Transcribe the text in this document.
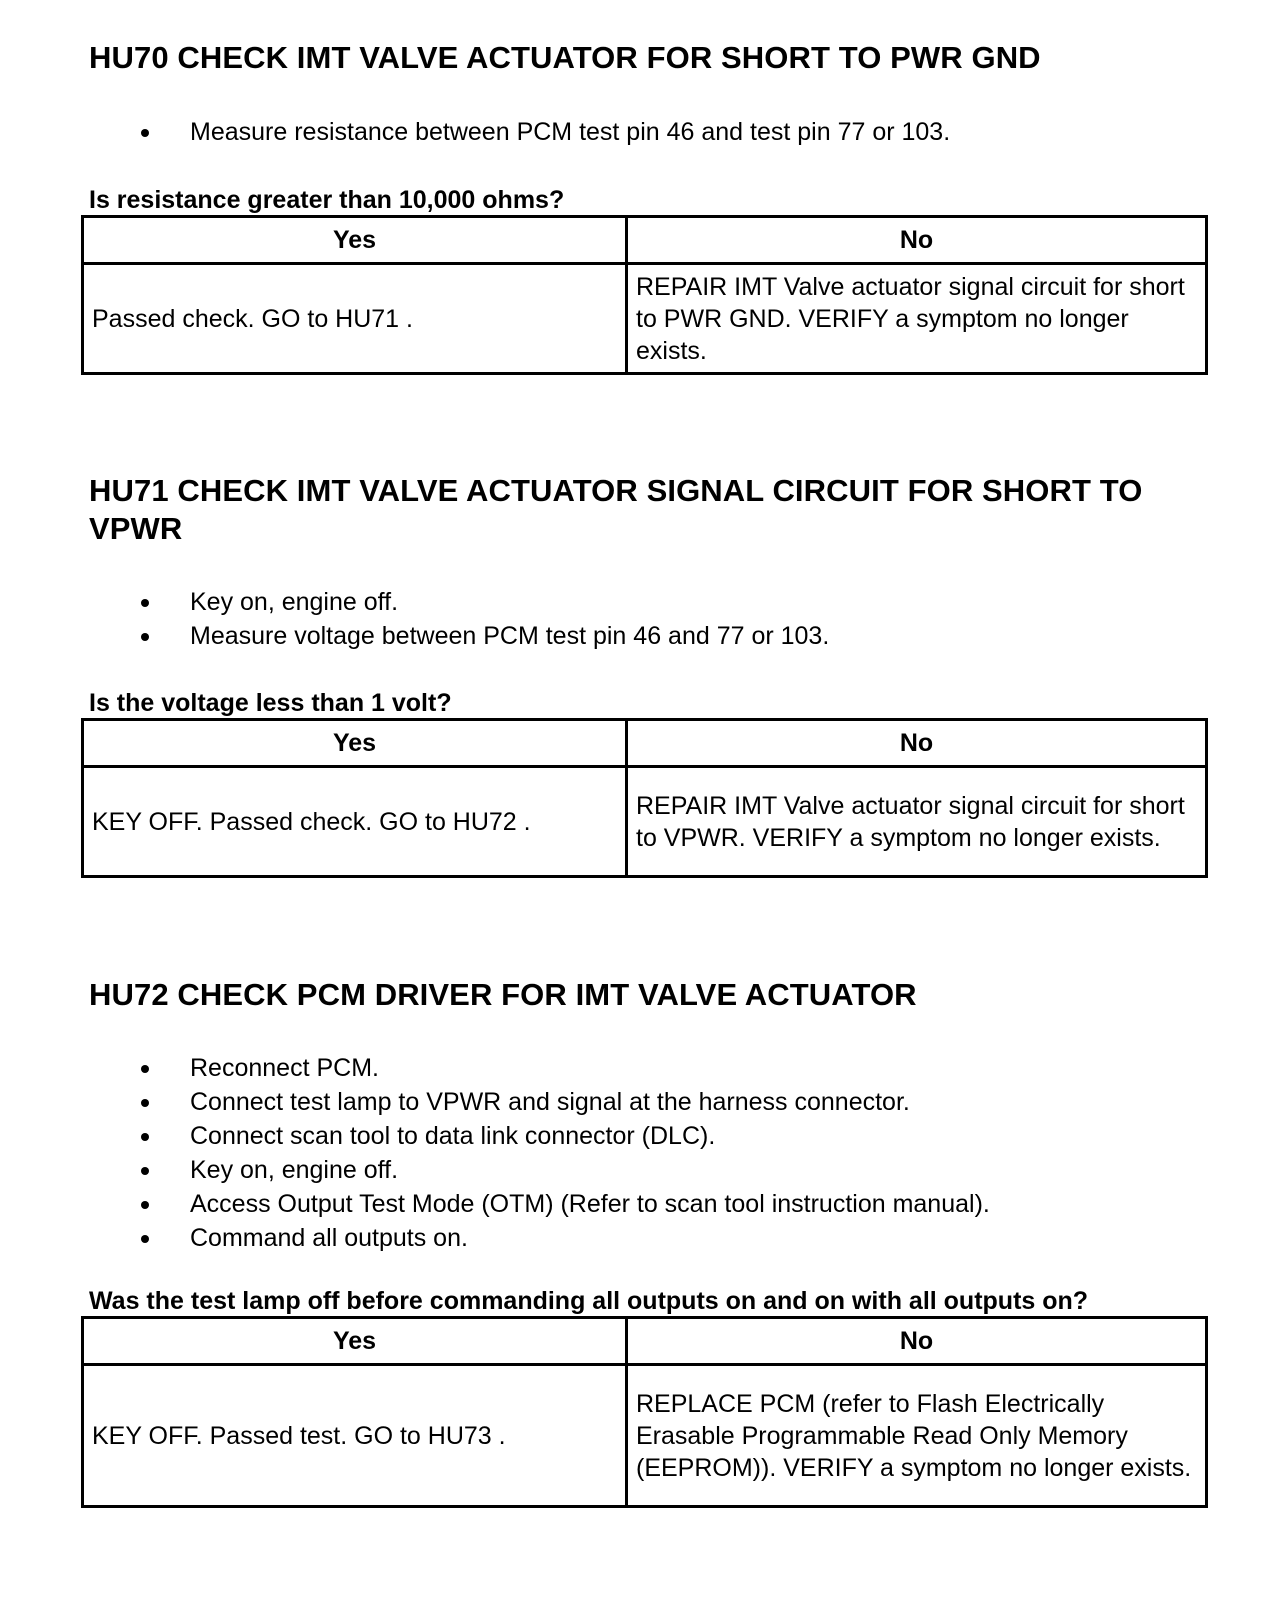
HU70 CHECK IMT VALVE ACTUATOR FOR SHORT TO PWR GND
Measure resistance between PCM test pin 46 and test pin 77 or 103.

Is resistance greater than 10,000 ohms?

Yes	No
Passed check. GO to HU71 .	REPAIR IMT Valve actuator signal circuit for short to PWR GND. VERIFY a symptom no longer exists.
HU71 CHECK IMT VALVE ACTUATOR SIGNAL CIRCUIT FOR SHORT TO VPWR
Key on, engine off.
Measure voltage between PCM test pin 46 and 77 or 103.

Is the voltage less than 1 volt?

Yes	No
KEY OFF. Passed check. GO to HU72 .	REPAIR IMT Valve actuator signal circuit for short to VPWR. VERIFY a symptom no longer exists.
HU72 CHECK PCM DRIVER FOR IMT VALVE ACTUATOR
Reconnect PCM.
Connect test lamp to VPWR and signal at the harness connector.
Connect scan tool to data link connector (DLC).
Key on, engine off.
Access Output Test Mode (OTM) (Refer to scan tool instruction manual).
Command all outputs on.

Was the test lamp off before commanding all outputs on and on with all outputs on?

Yes	No
KEY OFF. Passed test. GO to HU73 .	REPLACE PCM (refer to Flash Electrically Erasable Programmable Read Only Memory (EEPROM)). VERIFY a symptom no longer exists.
